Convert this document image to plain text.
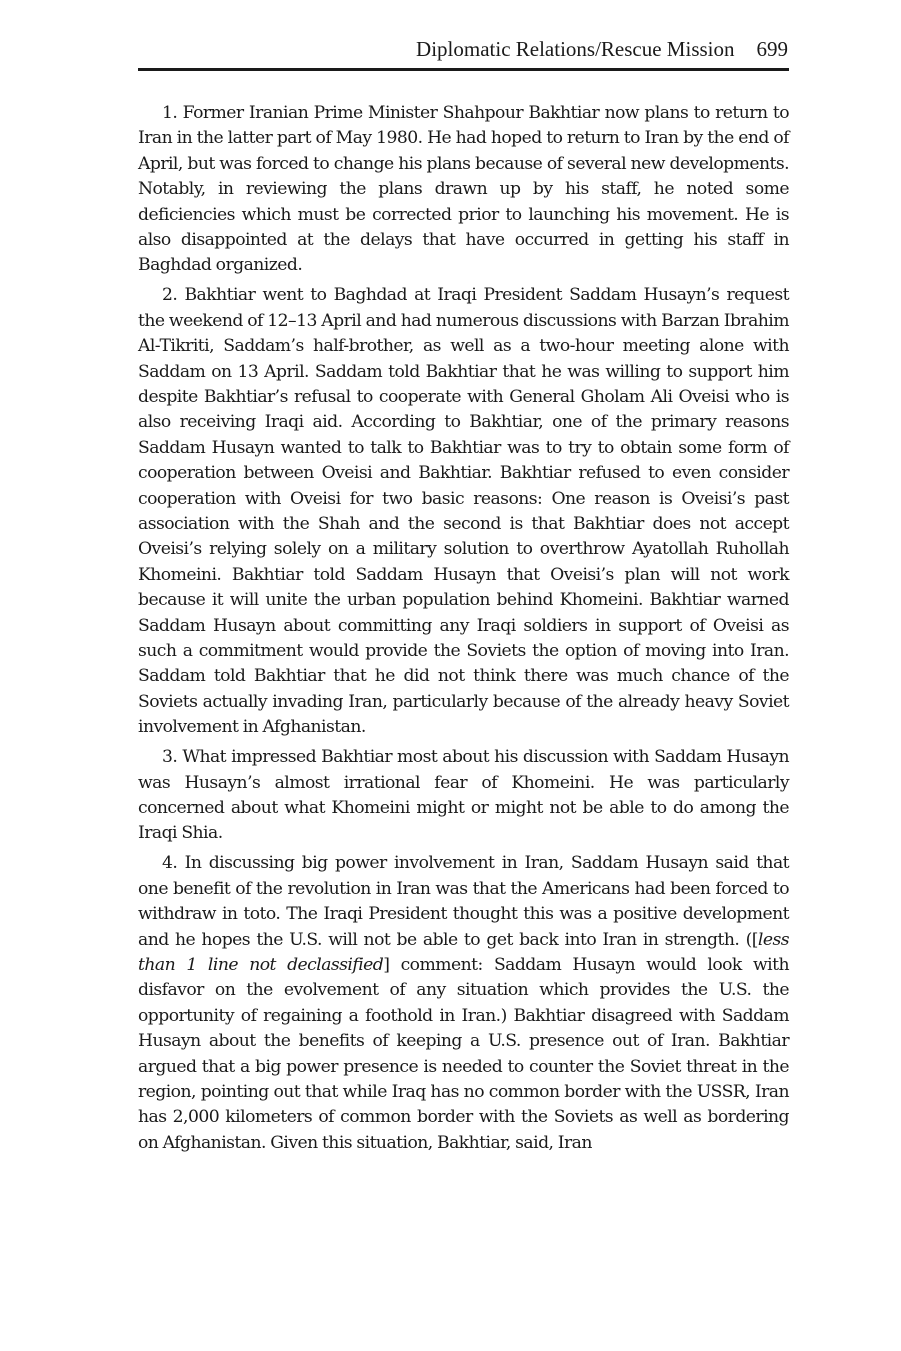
Diplomatic Relations/Rescue Mission 699

1. Former Iranian Prime Minister Shahpour Bakhtiar now plans to return to Iran in the latter part of May 1980. He had hoped to return to Iran by the end of April, but was forced to change his plans because of several new developments. Notably, in reviewing the plans drawn up by his staff, he noted some deficiencies which must be corrected prior to launching his movement. He is also disappointed at the delays that have occurred in getting his staff in Baghdad organized.

2. Bakhtiar went to Baghdad at Iraqi President Saddam Husayn’s request the weekend of 12–13 April and had numerous discussions with Barzan Ibrahim Al-Tikriti, Saddam’s half-brother, as well as a two-hour meeting alone with Saddam on 13 April. Saddam told Bakhtiar that he was willing to support him despite Bakhtiar’s refusal to cooperate with General Gholam Ali Oveisi who is also receiving Iraqi aid. According to Bakhtiar, one of the primary reasons Saddam Husayn wanted to talk to Bakhtiar was to try to obtain some form of cooperation between Oveisi and Bakhtiar. Bakhtiar refused to even consider cooperation with Oveisi for two basic reasons: One reason is Oveisi’s past association with the Shah and the second is that Bakhtiar does not accept Oveisi’s relying solely on a military solution to overthrow Ayatollah Ruhollah Khomeini. Bakhtiar told Saddam Husayn that Oveisi’s plan will not work because it will unite the urban population behind Khomeini. Bakhtiar warned Saddam Husayn about committing any Iraqi soldiers in support of Oveisi as such a commitment would provide the Soviets the option of moving into Iran. Saddam told Bakhtiar that he did not think there was much chance of the Soviets actually invading Iran, particularly because of the already heavy Soviet involvement in Afghanistan.

3. What impressed Bakhtiar most about his discussion with Saddam Husayn was Husayn’s almost irrational fear of Khomeini. He was particularly concerned about what Khomeini might or might not be able to do among the Iraqi Shia.

4. In discussing big power involvement in Iran, Saddam Husayn said that one benefit of the revolution in Iran was that the Americans had been forced to withdraw in toto. The Iraqi President thought this was a positive development and he hopes the U.S. will not be able to get back into Iran in strength. ([less than 1 line not declassified] comment: Saddam Husayn would look with disfavor on the evolvement of any situation which provides the U.S. the opportunity of regaining a foothold in Iran.) Bakhtiar disagreed with Saddam Husayn about the benefits of keeping a U.S. presence out of Iran. Bakhtiar argued that a big power presence is needed to counter the Soviet threat in the region, pointing out that while Iraq has no common border with the USSR, Iran has 2,000 kilometers of common border with the Soviets as well as bordering on Afghanistan. Given this situation, Bakhtiar, said, Iran
